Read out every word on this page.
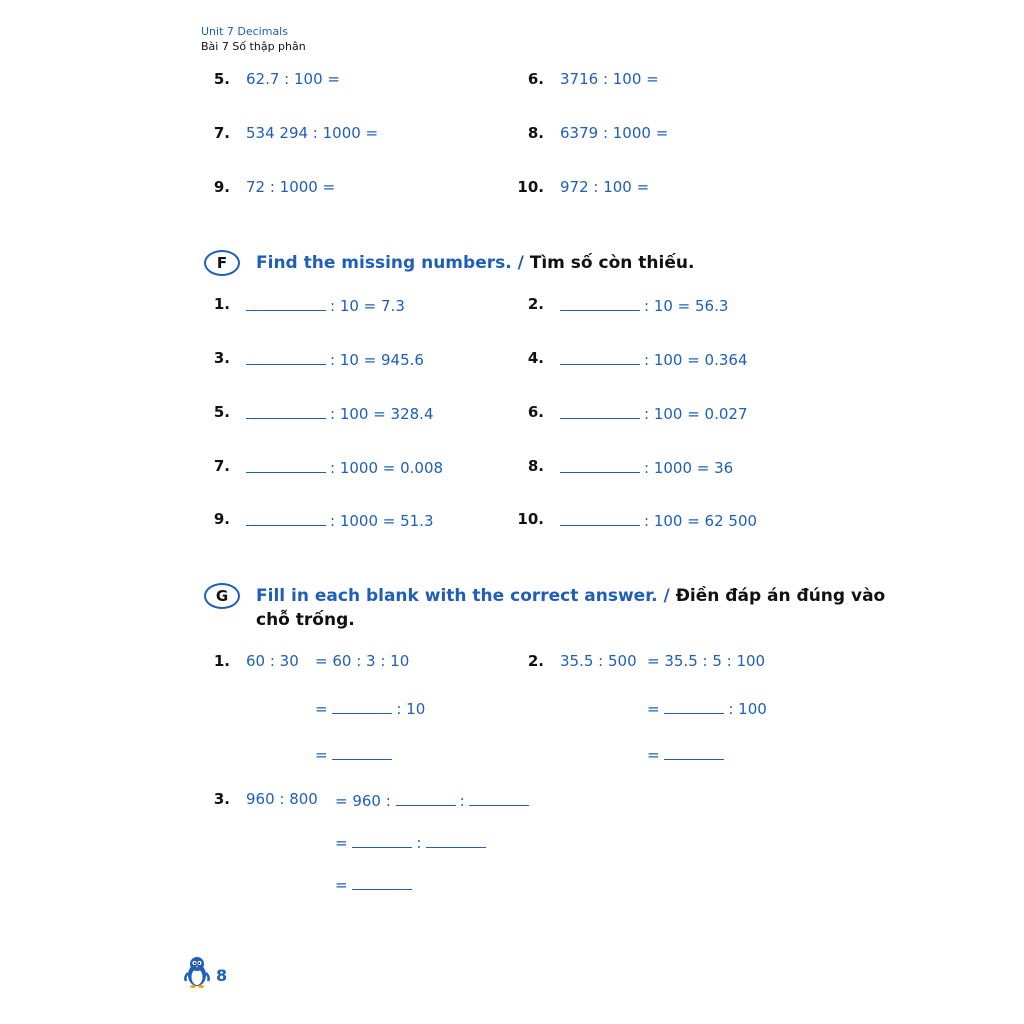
Unit 7 Decimals
Bài 7 Số thập phân
5. 62.7 : 100 =	6. 3716 : 100 =
7. 534 294 : 1000 =	8. 6379 : 1000 =
9. 72 : 1000 =	10. 972 : 100 =
F	Find the missing numbers. / Tìm số còn thiếu.
1.	: 10 = 7.3	2.	: 10 = 56.3
3.	: 10 = 945.6	4.	: 100 = 0.364
5.	: 100 = 328.4	6.	: 100 = 0.027
7.	: 1000 = 0.008	8.	: 1000 = 36
9.	: 1000 = 51.3	10.	: 100 = 62 500
G	Fill in each blank with the correct answer. / Điền đáp án đúng vào
chỗ trống.
1. 60 : 30 = 60 : 3 : 10
=	: 10
=
2. 35.5 : 500 = 35.5 : 5 : 100
=	: 100
=
3. 960 : 800 = 960 :	:
=	:
=
8
